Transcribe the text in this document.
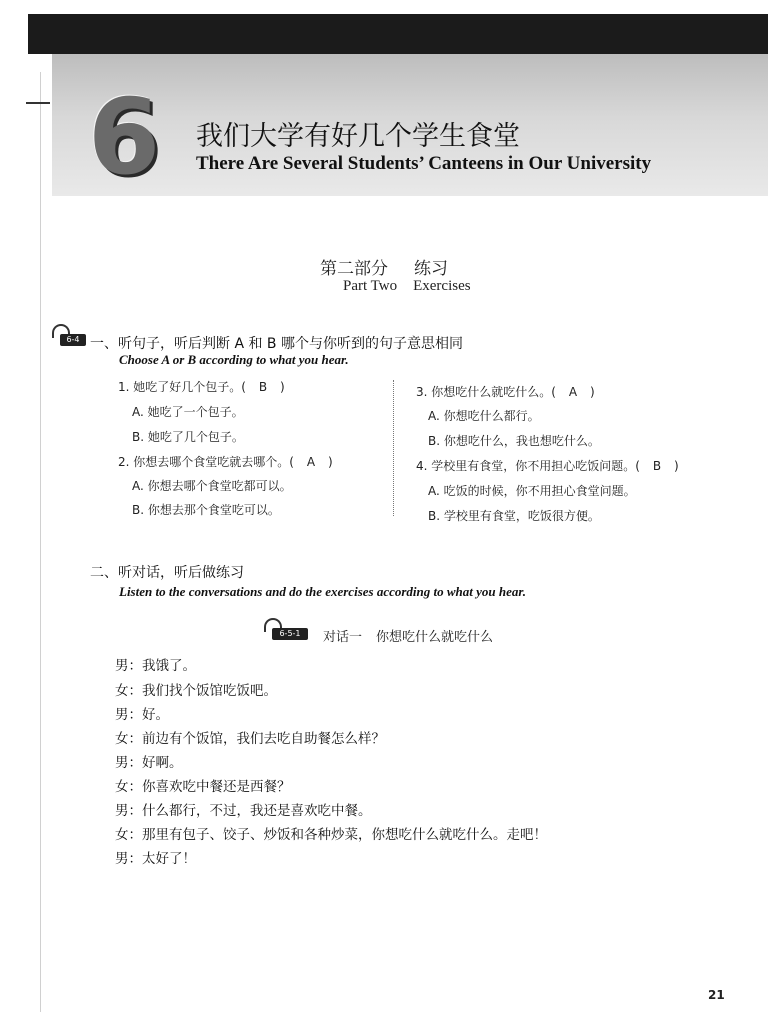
6 我们大学有好几个学生食堂
There Are Several Students’ Canteens in Our University
第二部分 练习
Part Two Exercises
6-4 一、听句子，听后判断 A 和 B 哪个与你听到的句子意思相同
Choose A or B according to what you hear.
1. 她吃了好几个包子。( B )
A. 她吃了一个包子。
B. 她吃了几个包子。
2. 你想去哪个食堂吃就去哪个。( A )
A. 你想去哪个食堂吃都可以。
B. 你想去那个食堂吃可以。
3. 你想吃什么就吃什么。( A )
A. 你想吃什么都行。
B. 你想吃什么，我也想吃什么。
4. 学校里有食堂，你不用担心吃饭问题。( B )
A. 吃饭的时候，你不用担心食堂问题。
B. 学校里有食堂，吃饭很方便。
二、听对话，听后做练习
Listen to the conversations and do the exercises according to what you hear.
6-5-1	对话一 你想吃什么就吃什么
男：我饿了。
女：我们找个饭馆吃饭吧。
男：好。
女：前边有个饭馆，我们去吃自助餐怎么样？
男：好啊。
女：你喜欢吃中餐还是西餐？
男：什么都行，不过，我还是喜欢吃中餐。
女：那里有包子、饺子、炒饭和各种炒菜，你想吃什么就吃什么。走吧！
男：太好了！
21
